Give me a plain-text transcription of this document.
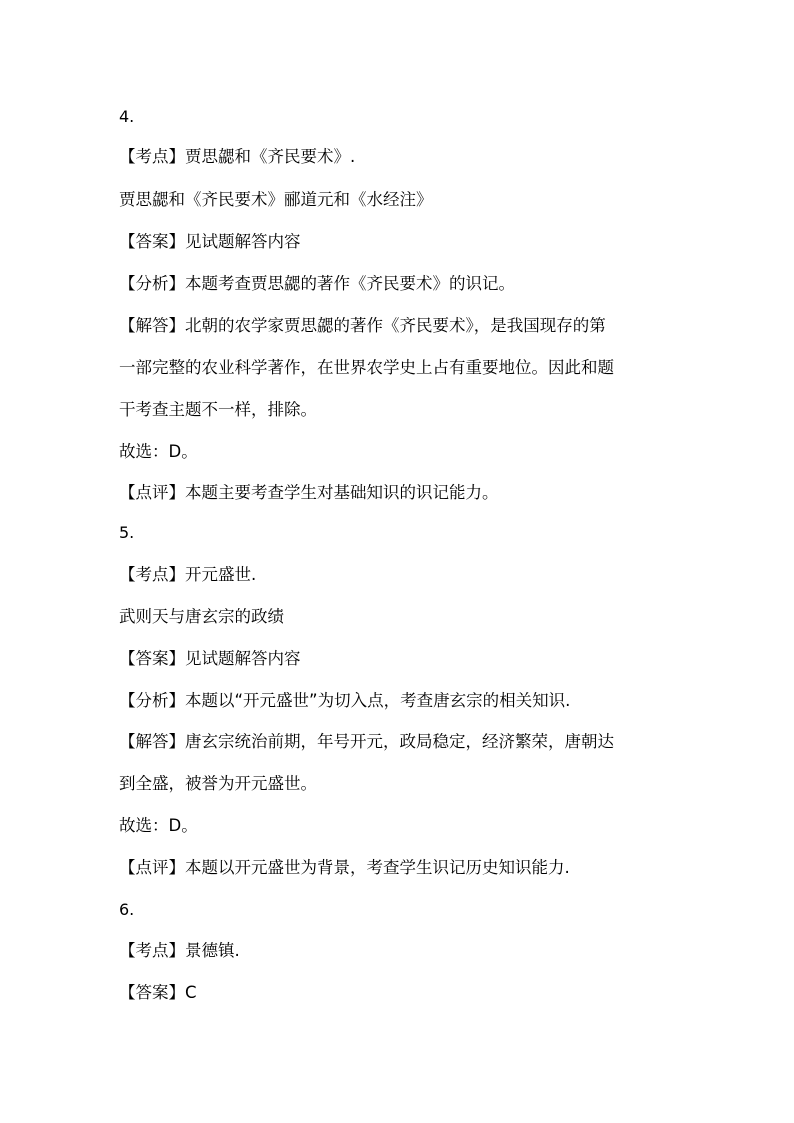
4.
【考点】贾思勰和《齐民要术》.
贾思勰和《齐民要术》郦道元和《水经注》
【答案】见试题解答内容
【分析】本题考查贾思勰的著作《齐民要术》的识记。
【解答】北朝的农学家贾思勰的著作《齐民要术》，是我国现存的第
一部完整的农业科学著作，在世界农学史上占有重要地位。因此和题
干考查主题不一样，排除。
故选：D。
【点评】本题主要考查学生对基础知识的识记能力。
5.
【考点】开元盛世.
武则天与唐玄宗的政绩
【答案】见试题解答内容
【分析】本题以“开元盛世”为切入点，考查唐玄宗的相关知识.
【解答】唐玄宗统治前期，年号开元，政局稳定，经济繁荣，唐朝达
到全盛，被誉为开元盛世。
故选：D。
【点评】本题以开元盛世为背景，考查学生识记历史知识能力.
6.
【考点】景德镇.
【答案】C
